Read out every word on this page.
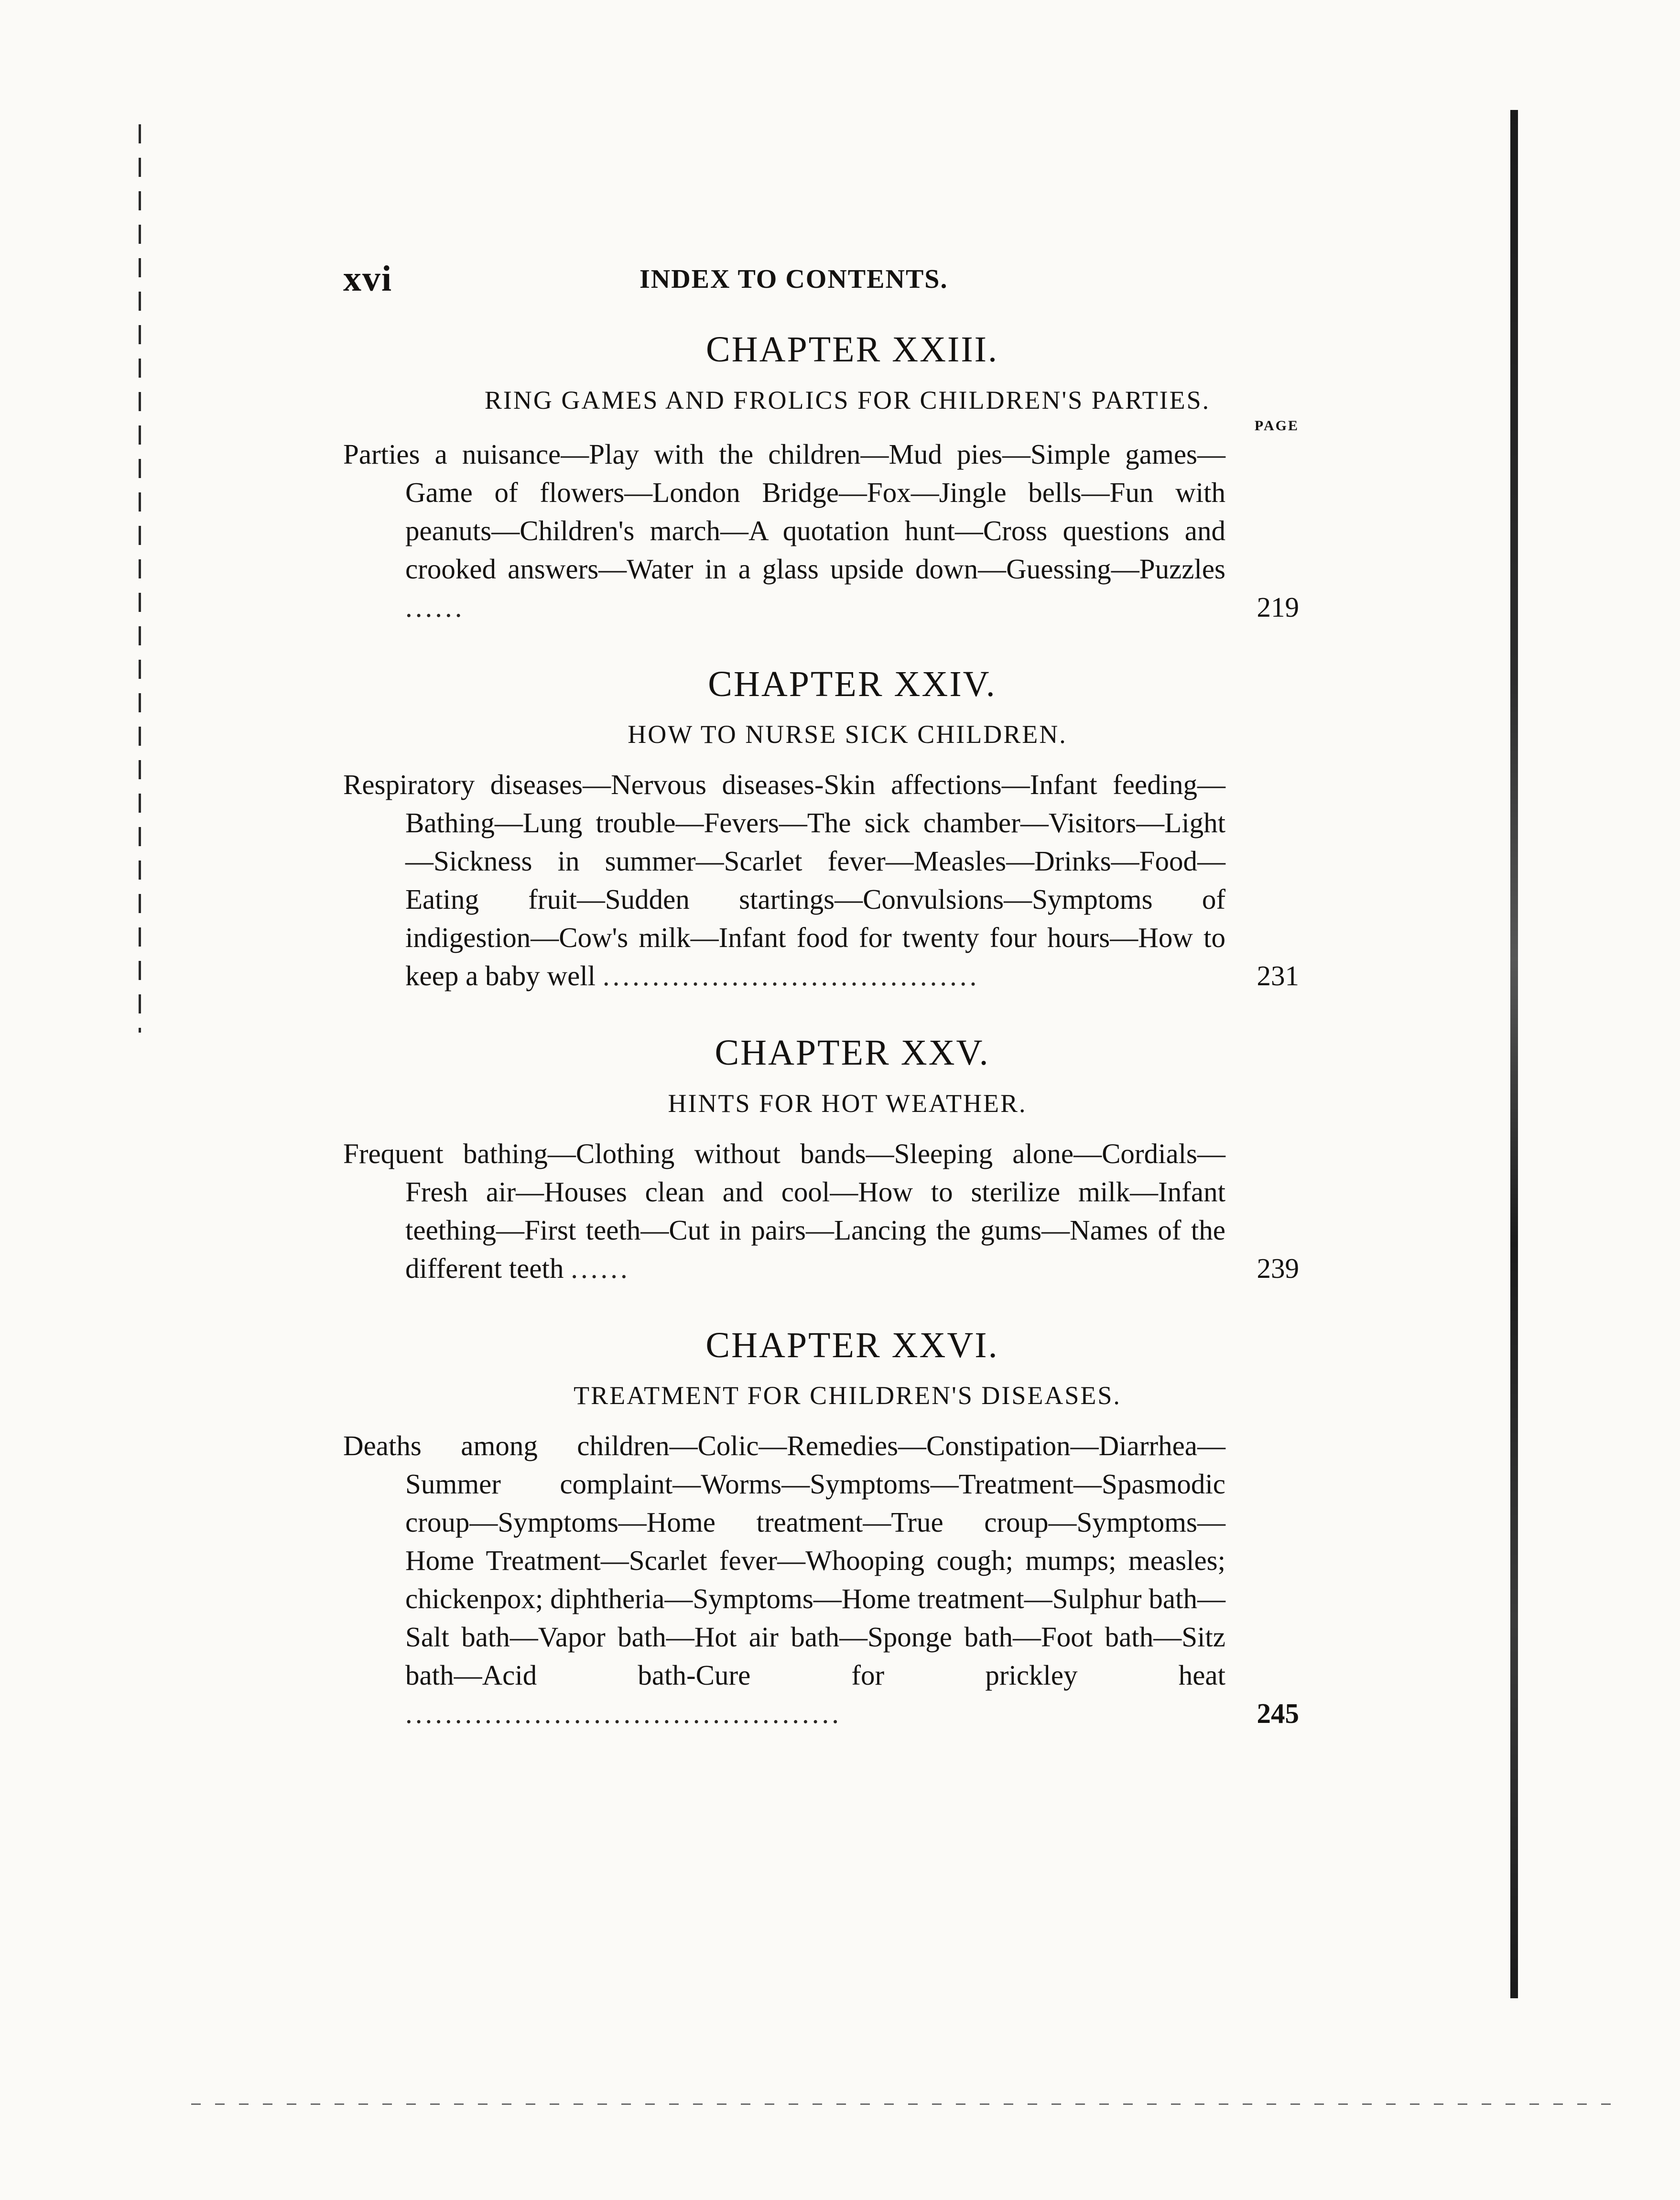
xvi	INDEX TO CONTENTS.
CHAPTER XXIII.
RING GAMES AND FROLICS FOR CHILDREN'S PARTIES.
PAGE
Parties a nuisance—Play with the children—Mud pies—Simple games—Game of flowers—London Bridge—Fox—Jingle bells—Fun with peanuts—Children's march—A quotation hunt—Cross questions and crooked answers—Water in a glass upside down—Guessing—Puzzles ......	219
CHAPTER XXIV.
HOW TO NURSE SICK CHILDREN.
Respiratory diseases—Nervous diseases-Skin affections—Infant feeding—Bathing—Lung trouble—Fevers—The sick chamber—Visitors—Light—Sickness in summer—Scarlet fever—Measles—Drinks—Food—Eating fruit—Sudden startings—Convulsions—Symptoms of indigestion—Cow's milk—Infant food for twenty four hours—How to keep a baby well ......................................	231
CHAPTER XXV.
HINTS FOR HOT WEATHER.
Frequent bathing—Clothing without bands—Sleeping alone—Cordials—Fresh air—Houses clean and cool—How to sterilize milk—Infant teething—First teeth—Cut in pairs—Lancing the gums—Names of the different teeth ......	239
CHAPTER XXVI.
TREATMENT FOR CHILDREN'S DISEASES.
Deaths among children—Colic—Remedies—Constipation—Diarrhea—Summer complaint—Worms—Symptoms—Treatment—Spasmodic croup—Symptoms—Home treatment—True croup—Symptoms—Home Treatment—Scarlet fever—Whooping cough; mumps; measles; chickenpox; diphtheria—Symptoms—Home treatment—Sulphur bath—Salt bath—Vapor bath—Hot air bath—Sponge bath—Foot bath—Sitz bath—Acid bath-Cure for prickley heat ............................................	245
